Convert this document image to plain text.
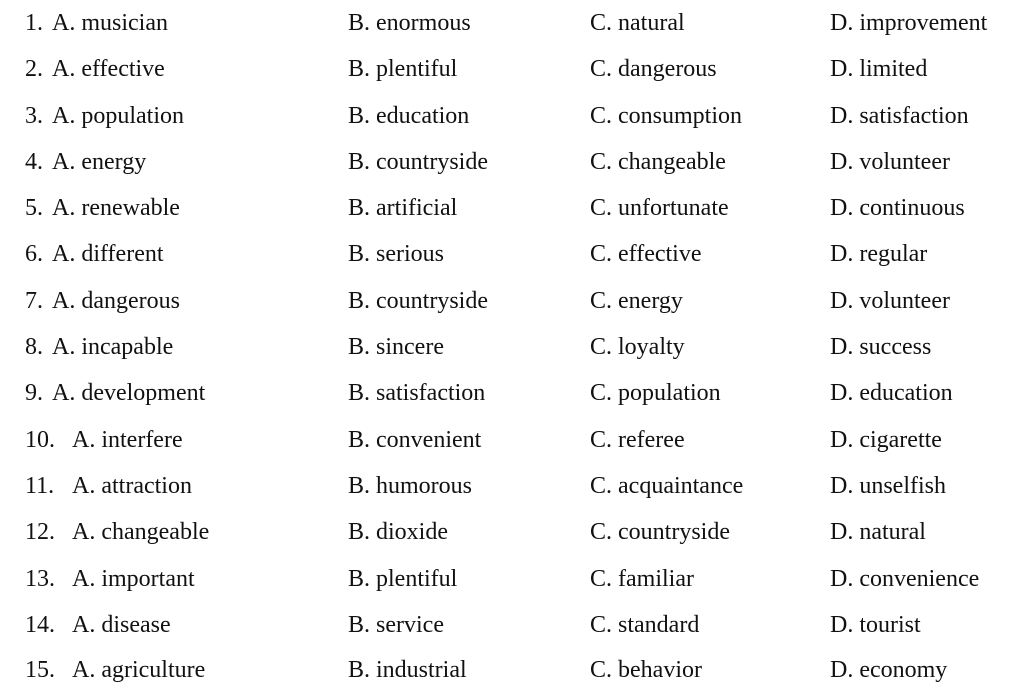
1. A. musician	B. enormous	C. natural	D. improvement
2. A. effective	B. plentiful	C. dangerous	D. limited
3. A. population	B. education	C. consumption	D. satisfaction
4. A. energy	B. countryside	C. changeable	D. volunteer
5. A. renewable	B. artificial	C. unfortunate	D. continuous
6. A. different	B. serious	C. effective	D. regular
7. A. dangerous	B. countryside	C. energy	D. volunteer
8. A. incapable	B. sincere	C. loyalty	D. success
9. A. development	B. satisfaction	C. population	D. education
10. A. interfere	B. convenient	C. referee	D. cigarette
11. A. attraction	B. humorous	C. acquaintance	D. unselfish
12. A. changeable	B. dioxide	C. countryside	D. natural
13. A. important	B. plentiful	C. familiar	D. convenience
14. A. disease	B. service	C. standard	D. tourist
15. A. agriculture	B. industrial	C. behavior	D. economy
